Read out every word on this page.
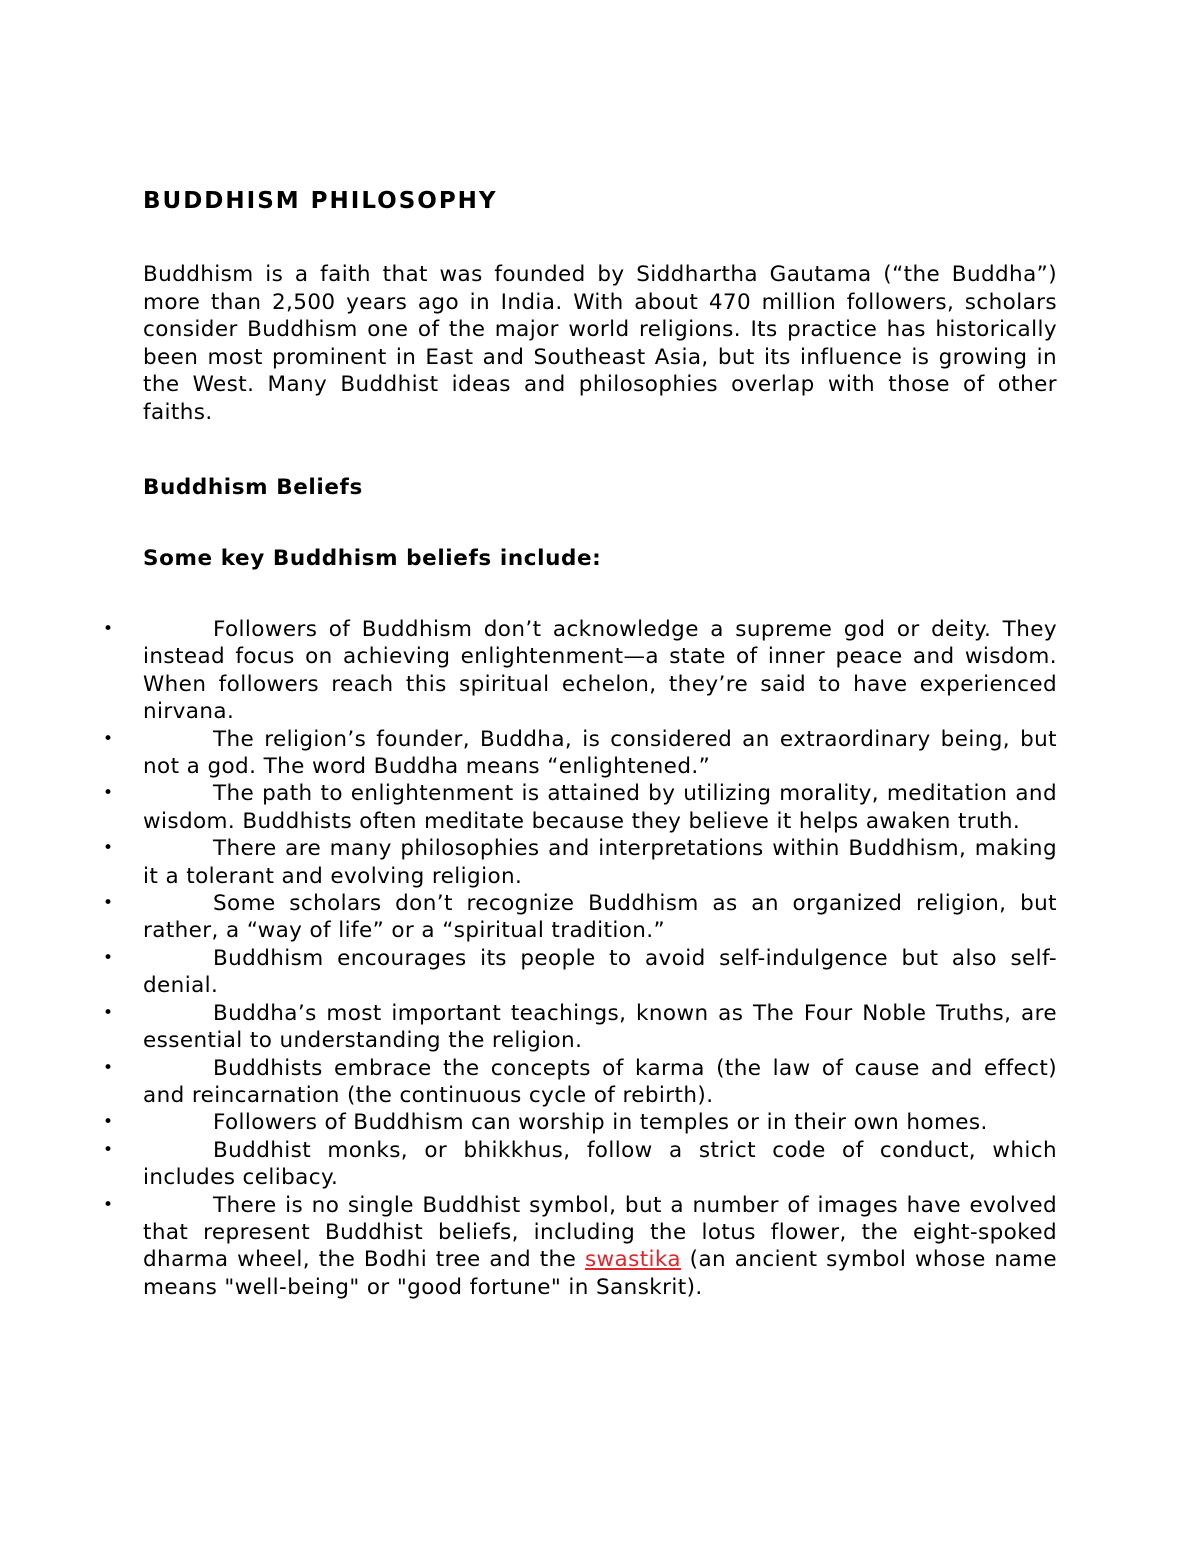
BUDDHISM PHILOSOPHY

Buddhism is a faith that was founded by Siddhartha Gautama (“the Buddha”) more than 2,500 years ago in India. With about 470 million followers, scholars consider Buddhism one of the major world religions. Its practice has historically been most prominent in East and Southeast Asia, but its influence is growing in the West. Many Buddhist ideas and philosophies overlap with those of other faiths.

Buddhism Beliefs
Some key Buddhism beliefs include:
•	Followers of Buddhism don’t acknowledge a supreme god or deity. They instead focus on achieving enlightenment—a state of inner peace and wisdom. When followers reach this spiritual echelon, they’re said to have experienced nirvana.
•	The religion’s founder, Buddha, is considered an extraordinary being, but not a god. The word Buddha means “enlightened.”
•	The path to enlightenment is attained by utilizing morality, meditation and wisdom. Buddhists often meditate because they believe it helps awaken truth.
•	There are many philosophies and interpretations within Buddhism, making it a tolerant and evolving religion.
•	Some scholars don’t recognize Buddhism as an organized religion, but rather, a “way of life” or a “spiritual tradition.”
•	Buddhism encourages its people to avoid self-indulgence but also self-denial.
•	Buddha’s most important teachings, known as The Four Noble Truths, are essential to understanding the religion.
•	Buddhists embrace the concepts of karma (the law of cause and effect) and reincarnation (the continuous cycle of rebirth).
•	Followers of Buddhism can worship in temples or in their own homes.
•	Buddhist monks, or bhikkhus, follow a strict code of conduct, which includes celibacy.
•	There is no single Buddhist symbol, but a number of images have evolved that represent Buddhist beliefs, including the lotus flower, the eight-spoked dharma wheel, the Bodhi tree and the swastika (an ancient symbol whose name means "well-being" or "good fortune" in Sanskrit).
